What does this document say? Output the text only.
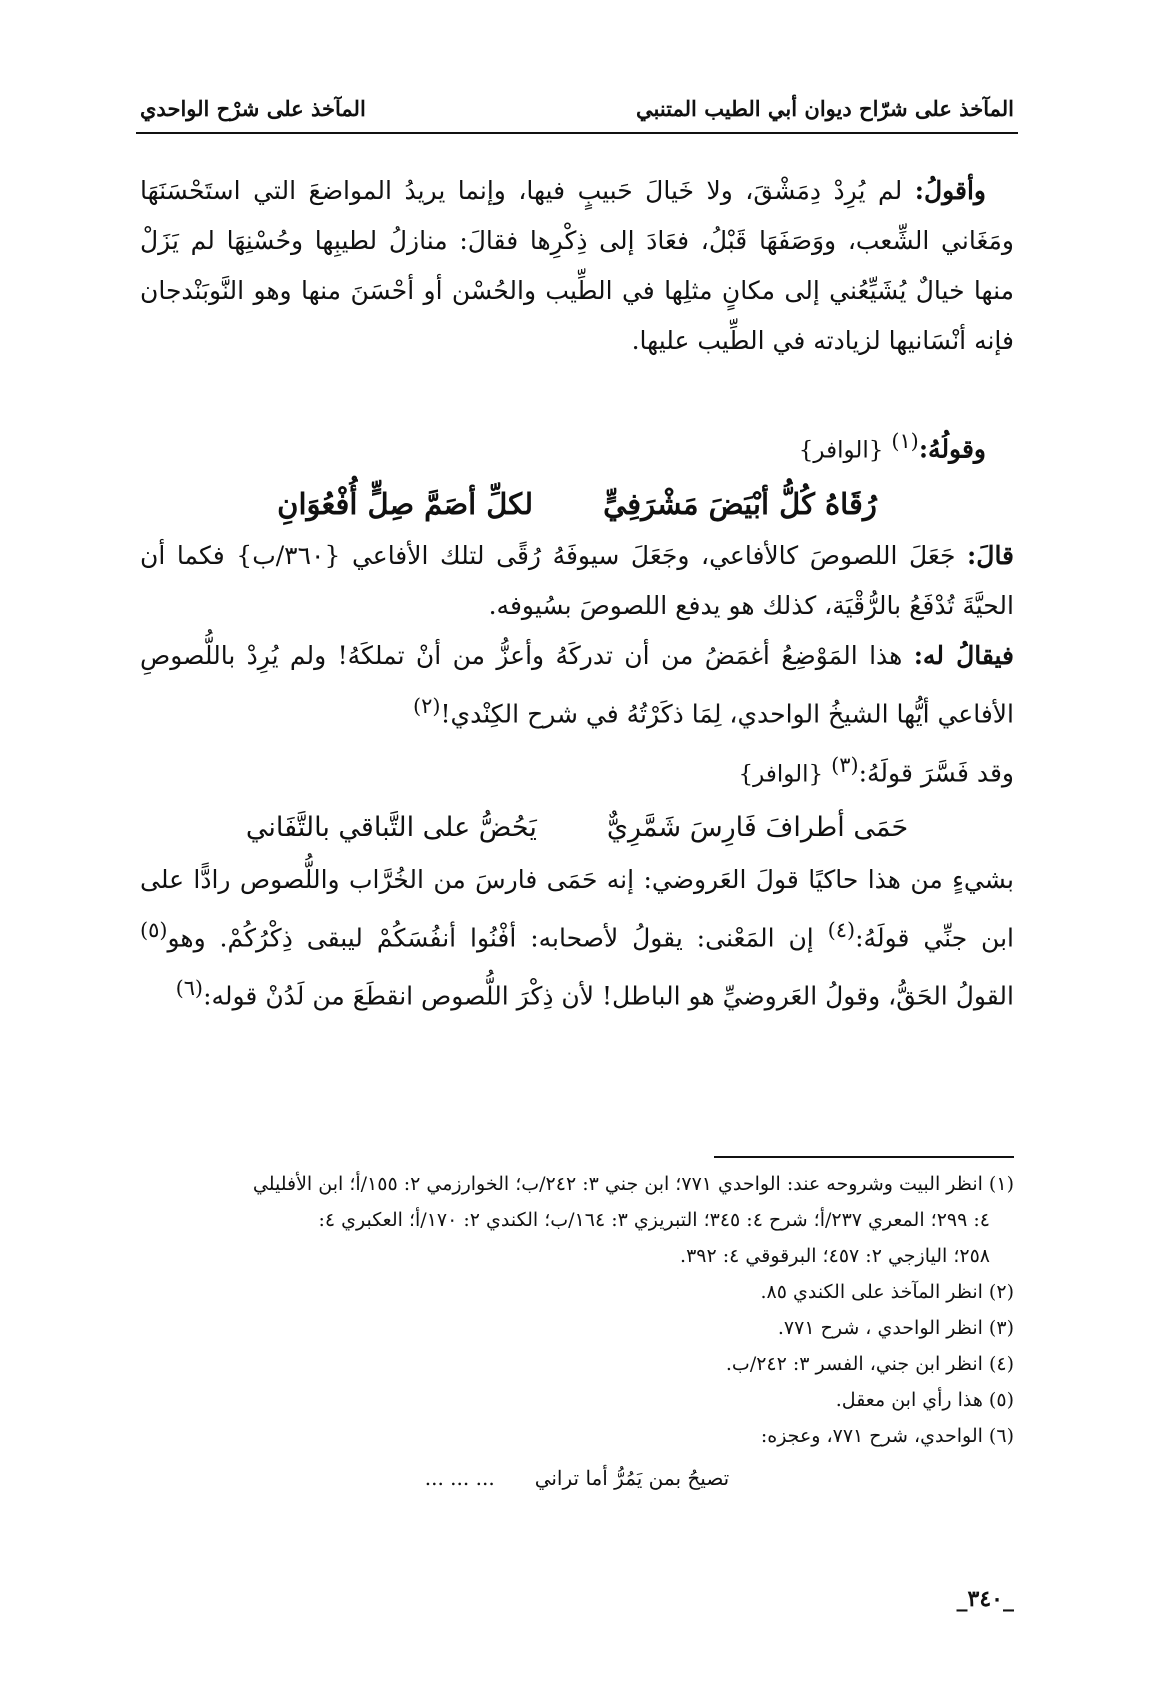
المآخذ على شرّاح ديوان أبي الطيب المتنبي
المآخذ على شرْح الواحدي

وأقولُ: لم يُرِدْ دِمَشْقَ، ولا خَيالَ حَبيبٍ فيها، وإنما يريدُ المواضعَ التي استَحْسَنَهَا ومَغَاني الشِّعب، ووَصَفَهَا قَبْلُ، فعَادَ إلى ذِكْرِها فقالَ: منازلُ لطيبِها وحُسْنِهَا لم يَزَلْ منها خيالٌ يُشَيِّعُني إلى مكانٍ مثلِها في الطِّيب والحُسْن أو أحْسَنَ منها وهو النَّوبَنْدجان فإنه أنْسَانيها لزيادته في الطِّيب عليها.

وقولُهُ:$^{(١)}$ {الوافر}

رُقَاهُ كُلُّ أبْيَضَ مَشْرَفِيٍّ
لكلِّ أصَمَّ صِلٍّ أُفْعُوَانِ

قالَ: جَعَلَ اللصوصَ كالأفاعي، وجَعَلَ سيوفَهُ رُقًى لتلك الأفاعي {٣٦٠/ب} فكما أن الحيَّةَ تُدْفَعُ بالرُّقْيَة، كذلك هو يدفع اللصوصَ بسُيوفه.

فيقالُ له: هذا المَوْضِعُ أغمَضُ من أن تدركَهُ وأعزُّ من أنْ تملكَهُ! ولم يُرِدْ باللُّصوصِ الأفاعي أيُّها الشيخُ الواحدي، لِمَا ذكَرْتُهُ في شرح الكِنْدي!$^{(٢)}$

وقد فَسَّرَ قولَهُ:$^{(٣)}$ {الوافر}

حَمَى أطرافَ فَارِسَ شَمَّرِيٌّ
يَحُضُّ على التَّباقي بالتَّفَاني

بشيءٍ من هذا حاكيًا قولَ العَروضي: إنه حَمَى فارسَ من الخُرَّاب واللُّصوص رادًّا على ابن جنِّي قولَهُ:$^{(٤)}$ إن المَعْنى: يقولُ لأصحابه: أفْنُوا أنفُسَكُمْ ليبقى ذِكْرُكُمْ. وهو$^{(٥)}$ القولُ الحَقُّ، وقولُ العَروضيِّ هو الباطل! لأن ذِكْرَ اللُّصوص انقطَعَ من لَدُنْ قوله:$^{(٦)}$

(١) انظر البيت وشروحه عند: الواحدي ٧٧١؛ ابن جني ٣: ٢٤٢/ب؛ الخوارزمي ٢: ١٥٥/أ؛ ابن الأفليلي

٤: ٢٩٩؛ المعري ٢٣٧/أ؛ شرح ٤: ٣٤٥؛ التبريزي ٣: ١٦٤/ب؛ الكندي ٢: ١٧٠/أ؛ العكبري ٤:

٢٥٨؛ اليازجي ٢: ٤٥٧؛ البرقوقي ٤: ٣٩٢.

(٢) انظر المآخذ على الكندي ٨٥.

(٣) انظر الواحدي ، شرح ٧٧١.

(٤) انظر ابن جني، الفسر ٣: ٢٤٢/ب.

(٥) هذا رأي ابن معقل.

(٦) الواحدي، شرح ٧٧١، وعجزه:

تصيحُ بمن يَمُرُّ أما تراني
... ... ...
_٣٤٠_
